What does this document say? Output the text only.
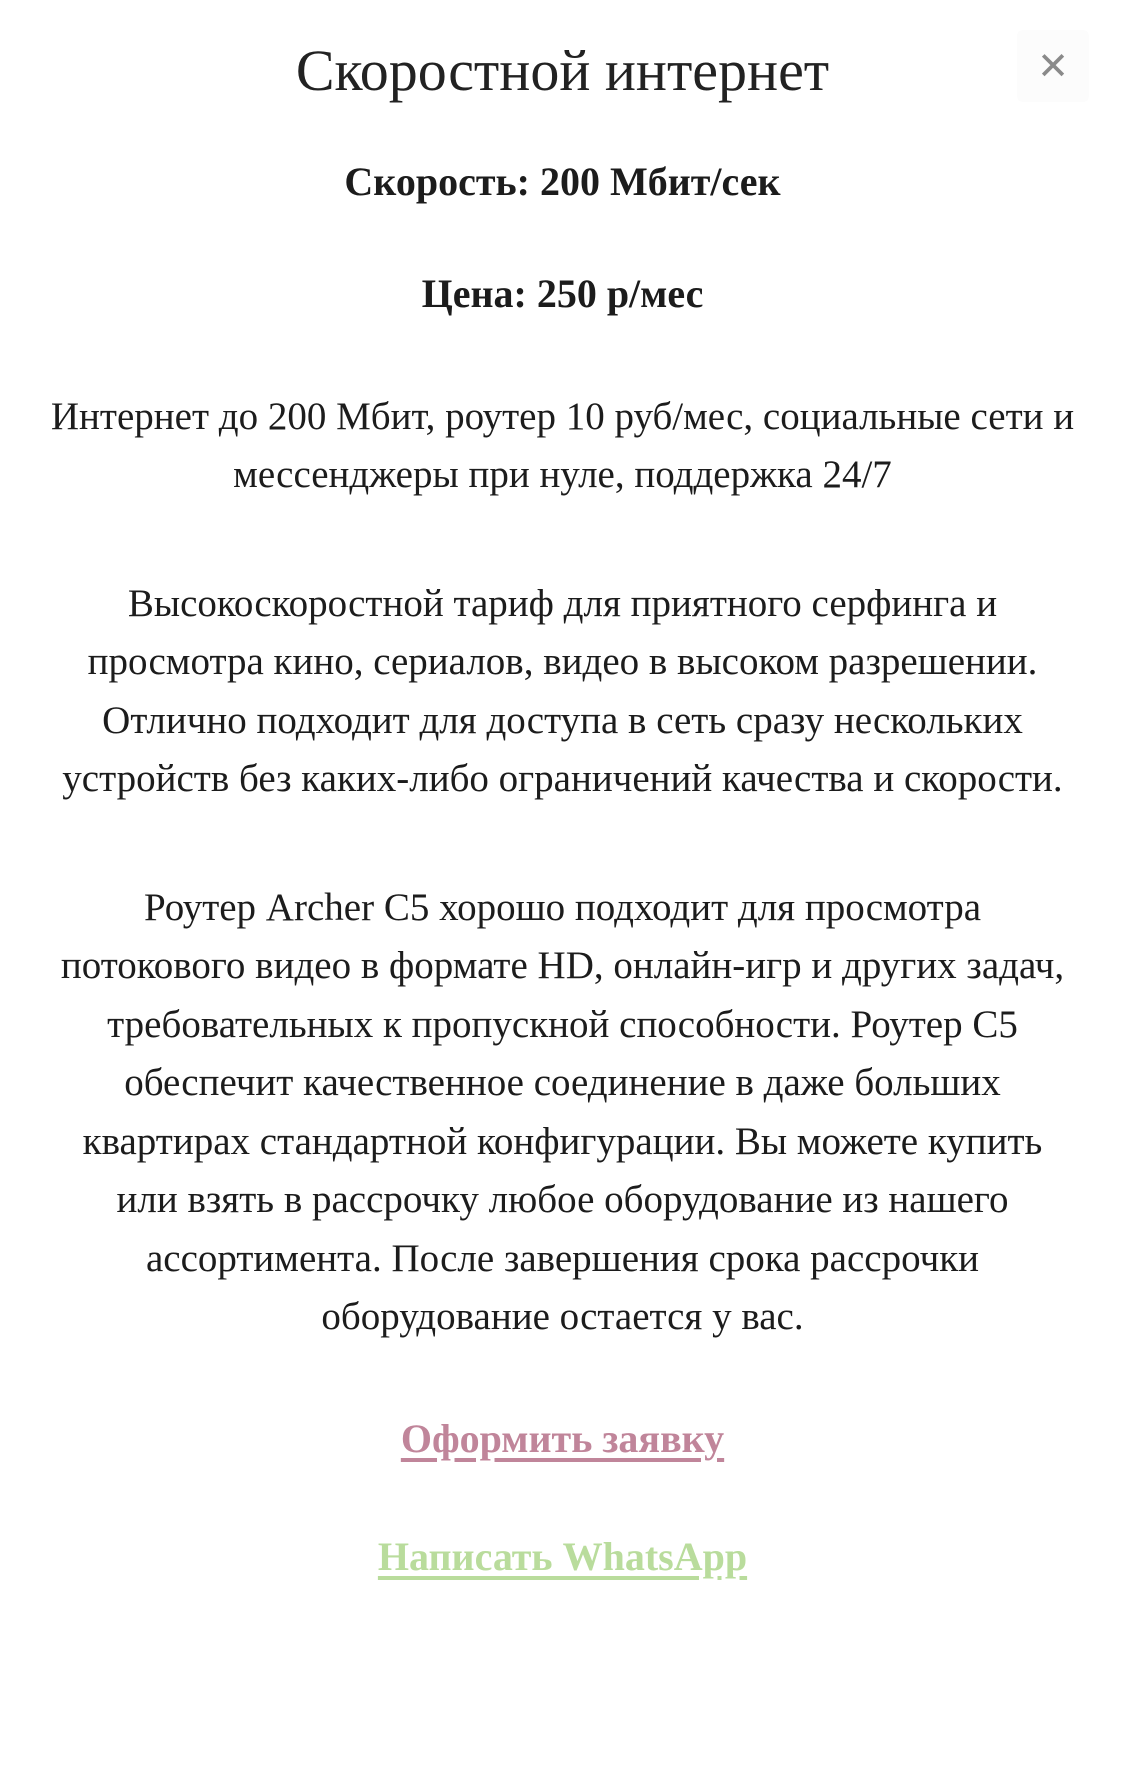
✕
Скоростной интернет

Скорость: 200 Мбит/сек

Цена: 250 р/мес

Интернет до 200 Мбит, роутер 10 руб/мес, социальные сети и мессенджеры при нуле, поддержка 24/7

Высокоскоростной тариф для приятного серфинга и просмотра кино, сериалов, видео в высоком разрешении. Отлично подходит для доступа в сеть сразу нескольких устройств без каких-либо ограничений качества и скорости.

Роутер Archer C5 хорошо подходит для просмотра потокового видео в формате HD, онлайн-игр и других задач, требовательных к пропускной способности. Роутер С5 обеспечит качественное соединение в даже больших квартирах стандартной конфигурации. Вы можете купить или взять в рассрочку любое оборудование из нашего ассортимента. После завершения срока рассрочки оборудование остается у вас.

Оформить заявку
Написать WhatsApp
